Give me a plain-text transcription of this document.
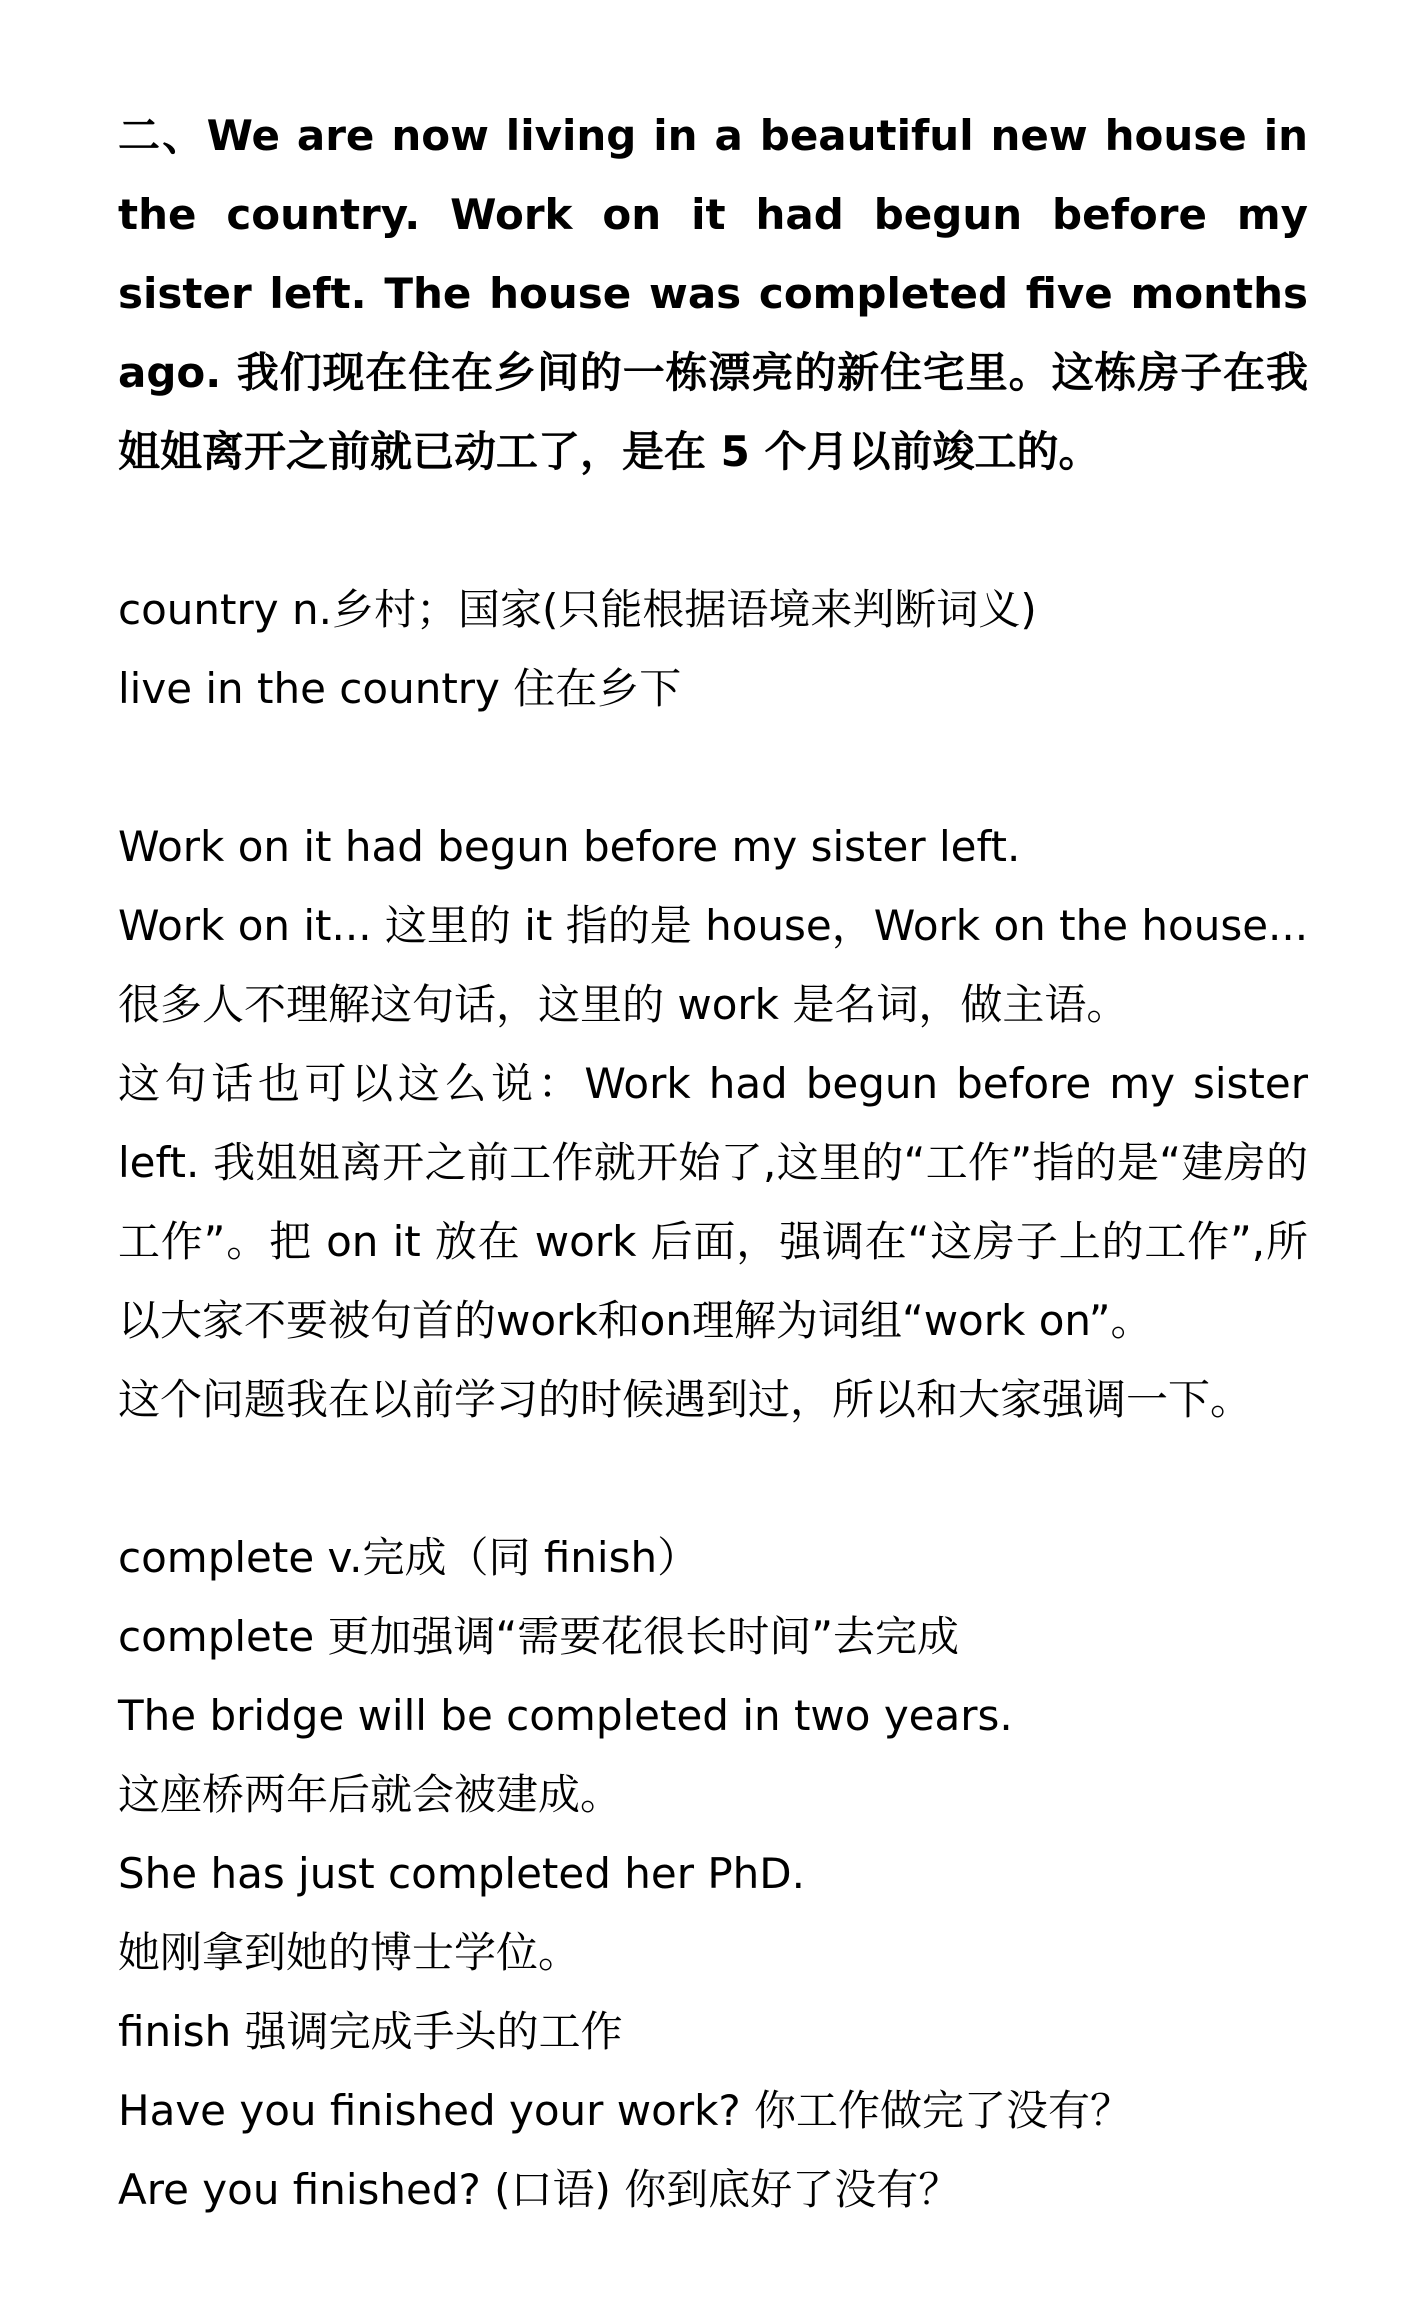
二、We are now living in a beautiful new house in the country. Work on it had begun before my sister left. The house was completed five months ago. 我们现在住在乡间的一栋漂亮的新住宅里。这栋房子在我姐姐离开之前就已动工了，是在 5 个月以前竣工的。

country n.乡村；国家(只能根据语境来判断词义)

live in the country 住在乡下

Work on it had begun before my sister left.

Work on it... 这里的 it 指的是 house，Work on the house...

很多人不理解这句话，这里的 work 是名词，做主语。

这句话也可以这么说：Work had begun before my sister left. 我姐姐离开之前工作就开始了,这里的“工作”指的是“建房的工作”。把 on it 放在 work 后面，强调在“这房子上的工作”,所以大家不要被句首的work和on理解为词组“work on”。

这个问题我在以前学习的时候遇到过，所以和大家强调一下。

complete v.完成（同 finish）

complete 更加强调“需要花很长时间”去完成

The bridge will be completed in two years.

这座桥两年后就会被建成。

She has just completed her PhD.

她刚拿到她的博士学位。

finish 强调完成手头的工作

Have you finished your work? 你工作做完了没有？

Are you finished? (口语) 你到底好了没有？
